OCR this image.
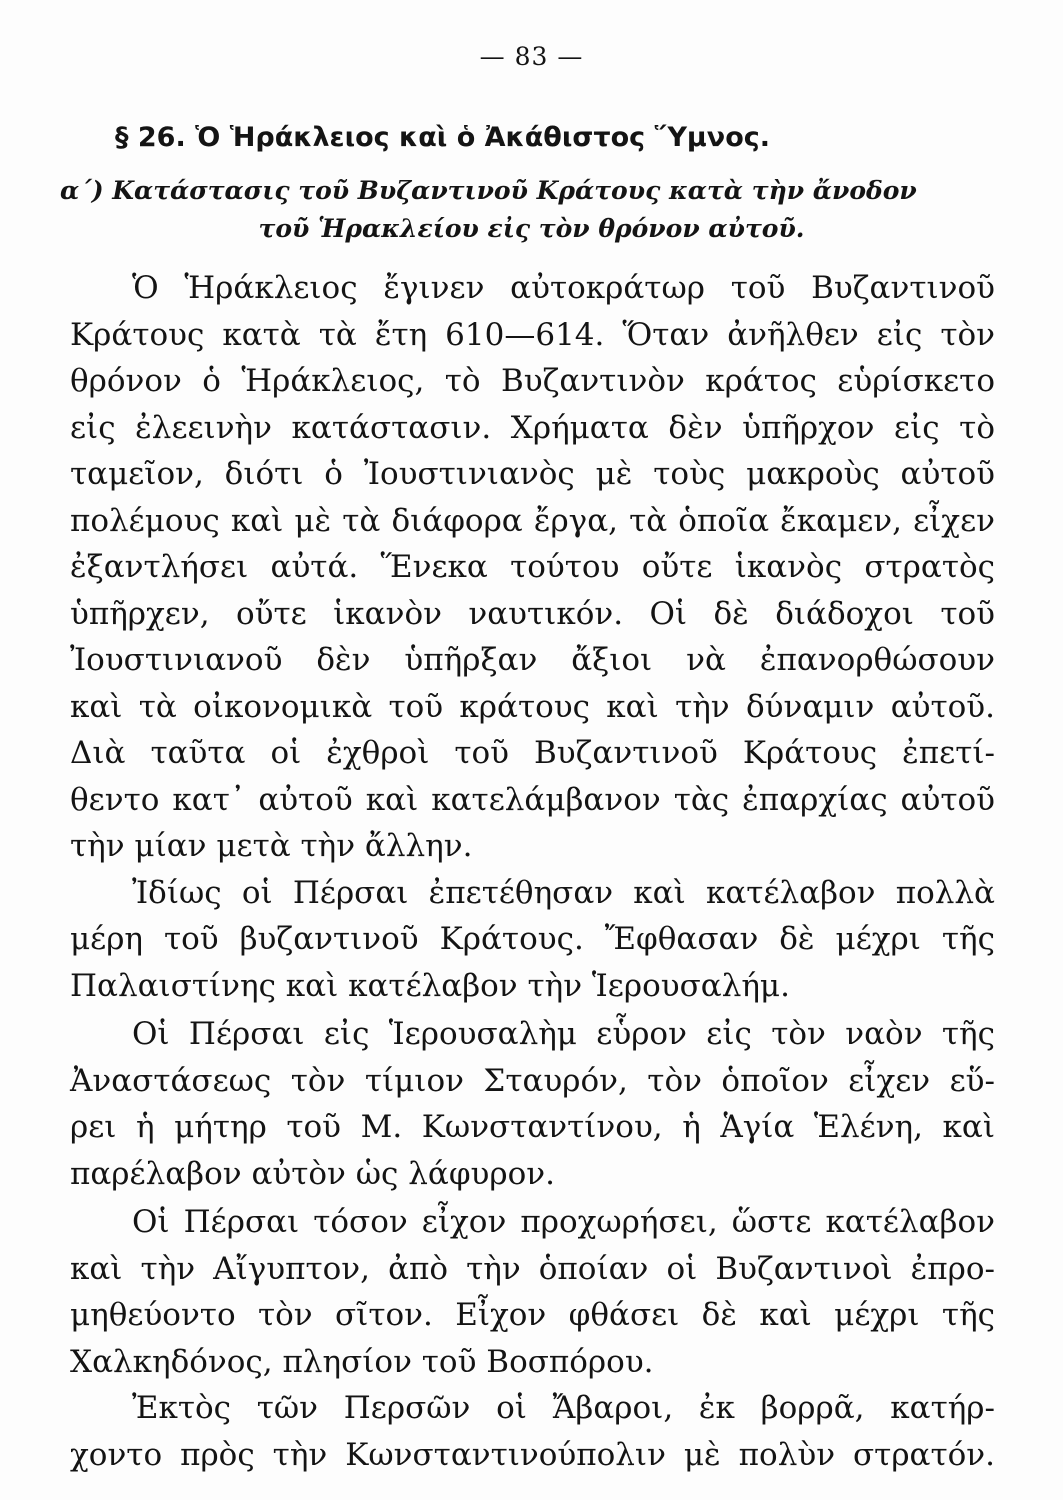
— 83 —
§ 26. Ὁ Ἡράκλειος καὶ ὁ Ἀκάθιστος Ὕμνος.
α΄) Κατάστασις τοῦ Βυζαντινοῦ Κράτους κατὰ τὴν ἄνοδον
τοῦ Ἡρακλείου εἰς τὸν θρόνον αὐτοῦ.
Ὁ Ἡράκλειος ἔγινεν αὐτοκράτωρ τοῦ Βυζαντινοῦ
Κράτους κατὰ τὰ ἔτη 610—614. Ὅταν ἀνῆλθεν εἰς τὸν
θρόνον ὁ Ἡράκλειος, τὸ Βυζαντινὸν κράτος εὑρίσκετο
εἰς ἐλεεινὴν κατάστασιν. Χρήματα δὲν ὑπῆρχον εἰς τὸ
ταμεῖον, διότι ὁ Ἰουστινιανὸς μὲ τοὺς μακροὺς αὐτοῦ
πολέμους καὶ μὲ τὰ διάφορα ἔργα, τὰ ὁποῖα ἔκαμεν, εἶχεν
ἐξαντλήσει αὐτά. Ἕνεκα τούτου οὔτε ἱκανὸς στρατὸς
ὑπῆρχεν, οὔτε ἱκανὸν ναυτικόν. Οἱ δὲ διάδοχοι τοῦ
Ἰουστινιανοῦ δὲν ὑπῆρξαν ἄξιοι νὰ ἐπανορθώσουν
καὶ τὰ οἰκονομικὰ τοῦ κράτους καὶ τὴν δύναμιν αὐτοῦ.
Διὰ ταῦτα οἱ ἐχθροὶ τοῦ Βυζαντινοῦ Κράτους ἐπετί-
θεντο κατ᾽ αὐτοῦ καὶ κατελάμβανον τὰς ἐπαρχίας αὐτοῦ
τὴν μίαν μετὰ τὴν ἄλλην.
Ἰδίως οἱ Πέρσαι ἐπετέθησαν καὶ κατέλαβον πολλὰ
μέρη τοῦ βυζαντινοῦ Κράτους. Ἔφθασαν δὲ μέχρι τῆς
Παλαιστίνης καὶ κατέλαβον τὴν Ἱερουσαλήμ.
Οἱ Πέρσαι εἰς Ἱερουσαλὴμ εὗρον εἰς τὸν ναὸν τῆς
Ἀναστάσεως τὸν τίμιον Σταυρόν, τὸν ὁποῖον εἶχεν εὕ-
ρει ἡ μήτηρ τοῦ Μ. Κωνσταντίνου, ἡ Ἁγία Ἑλένη, καὶ
παρέλαβον αὐτὸν ὡς λάφυρον.
Οἱ Πέρσαι τόσον εἶχον προχωρήσει, ὥστε κατέλαβον
καὶ τὴν Αἴγυπτον, ἀπὸ τὴν ὁποίαν οἱ Βυζαντινοὶ ἐπρο-
μηθεύοντο τὸν σῖτον. Εἶχον φθάσει δὲ καὶ μέχρι τῆς
Χαλκηδόνος, πλησίον τοῦ Βοσπόρου.
Ἐκτὸς τῶν Περσῶν οἱ Ἄβαροι, ἐκ βορρᾶ, κατήρ-
χοντο πρὸς τὴν Κωνσταντινούπολιν μὲ πολὺν στρατόν.
